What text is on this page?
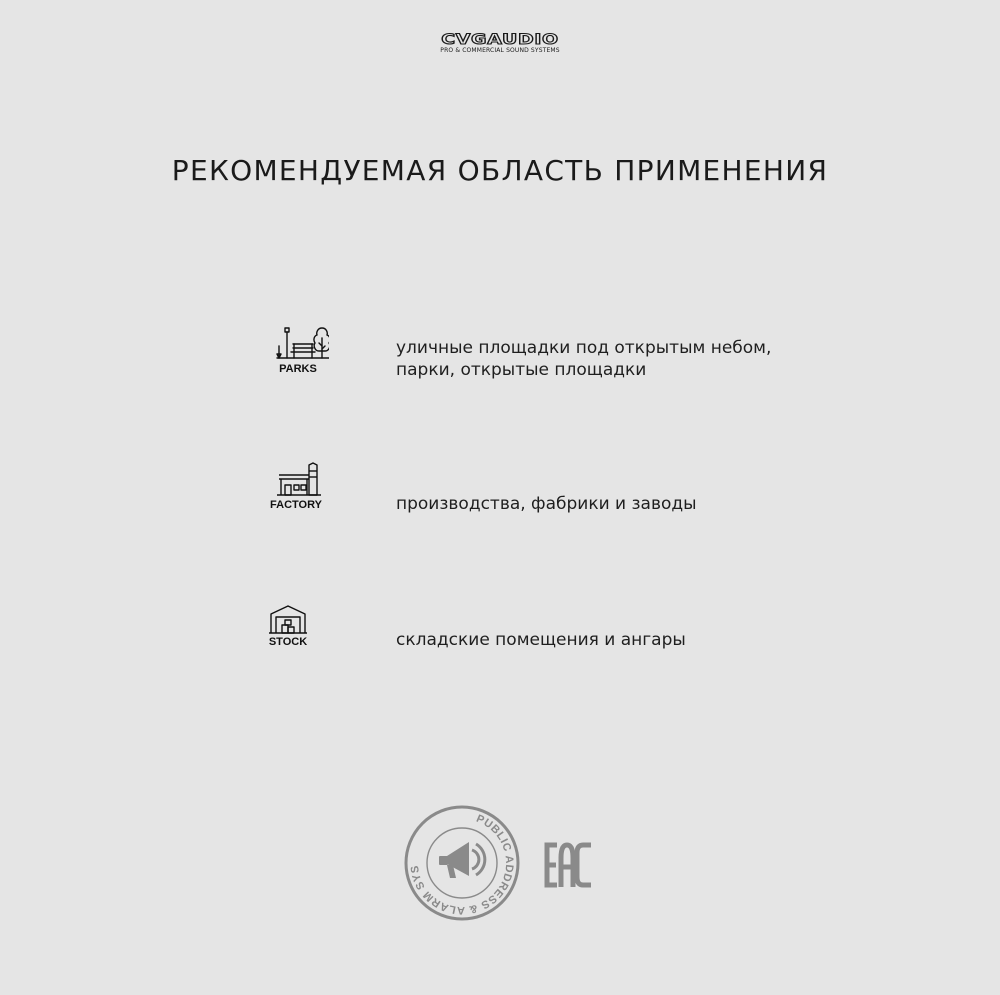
CVGAUDIO
PRO & COMMERCIAL SOUND SYSTEMS
РЕКОМЕНДУЕМАЯ ОБЛАСТЬ ПРИМЕНЕНИЯ
PARKS
уличные площадки под открытым небом,
парки, открытые площадки
FACTORY	производства, фабрики и заводы
STOCK	складские помещения и ангары
PUBLIC ADDRESS & ALARM SYS
